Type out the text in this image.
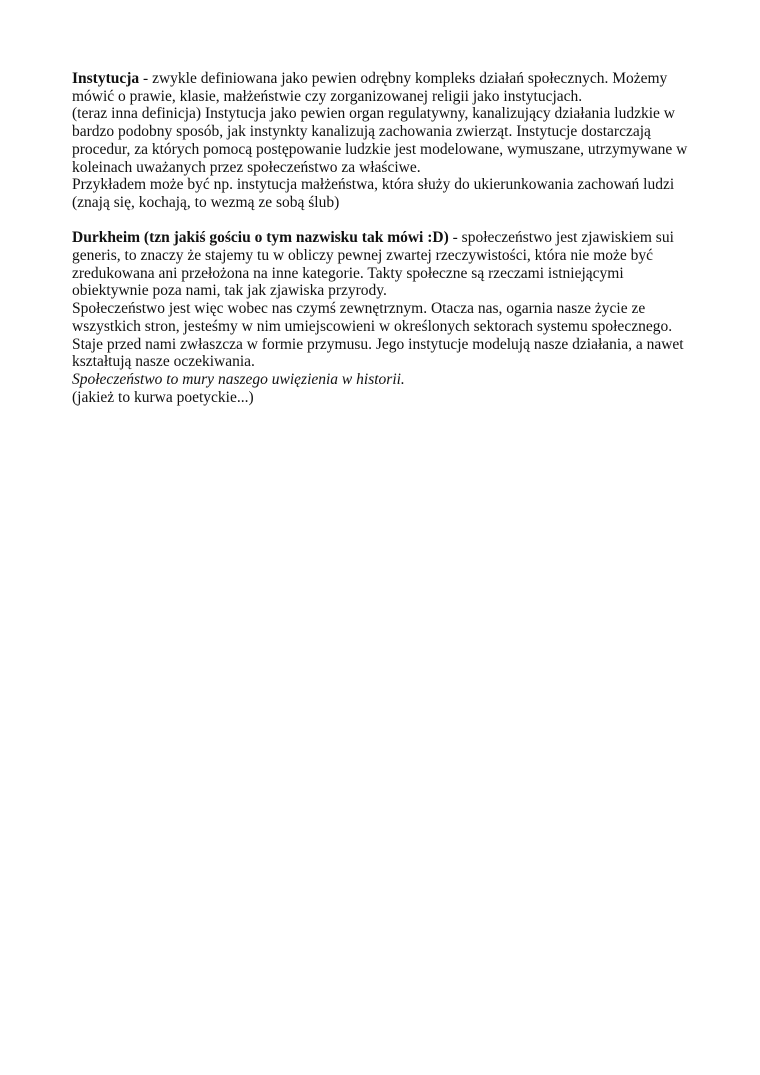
Instytucja - zwykle definiowana jako pewien odrębny kompleks działań społecznych. Możemy
mówić o prawie, klasie, małżeństwie czy zorganizowanej religii jako instytucjach.
(teraz inna definicja) Instytucja jako pewien organ regulatywny, kanalizujący działania ludzkie w
bardzo podobny sposób, jak instynkty kanalizują zachowania zwierząt. Instytucje dostarczają
procedur, za których pomocą postępowanie ludzkie jest modelowane, wymuszane, utrzymywane w
koleinach uważanych przez społeczeństwo za właściwe.
Przykładem może być np. instytucja małżeństwa, która służy do ukierunkowania zachowań ludzi
(znają się, kochają, to wezmą ze sobą ślub)
Durkheim (tzn jakiś gościu o tym nazwisku tak mówi :D) - społeczeństwo jest zjawiskiem sui
generis, to znaczy że stajemy tu w obliczy pewnej zwartej rzeczywistości, która nie może być
zredukowana ani przełożona na inne kategorie. Takty społeczne są rzeczami istniejącymi
obiektywnie poza nami, tak jak zjawiska przyrody.
Społeczeństwo jest więc wobec nas czymś zewnętrznym. Otacza nas, ogarnia nasze życie ze
wszystkich stron, jesteśmy w nim umiejscowieni w określonych sektorach systemu społecznego.
Staje przed nami zwłaszcza w formie przymusu. Jego instytucje modelują nasze działania, a nawet
kształtują nasze oczekiwania.
Społeczeństwo to mury naszego uwięzienia w historii.
(jakież to kurwa poetyckie...)
